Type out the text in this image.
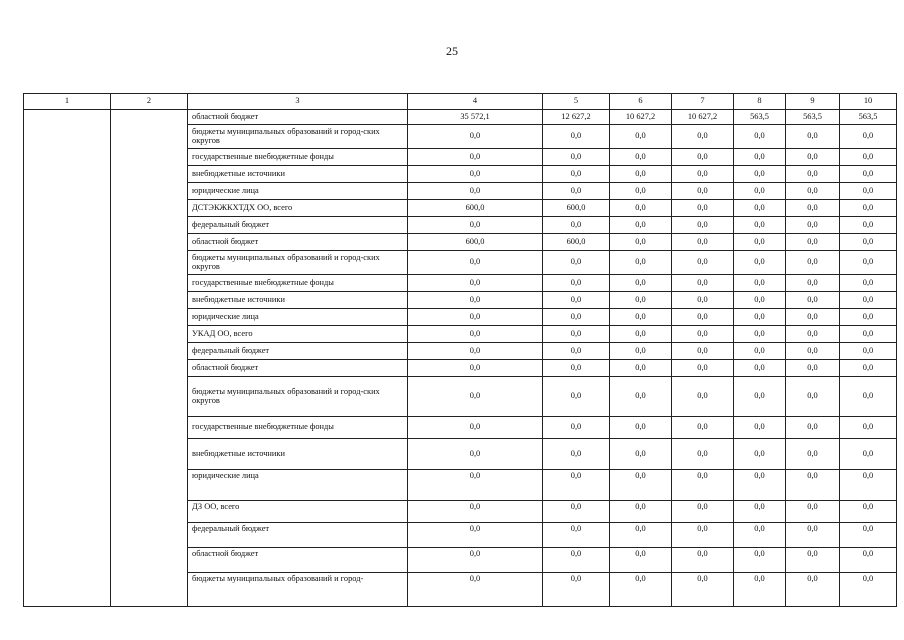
25
1	2	3	4	5	6	7	8	9	10
		областной бюджет	35 572,1	12 627,2	10 627,2	10 627,2	563,5	563,5	563,5
		бюджеты муниципальных образований и город-ских округов	0,0	0,0	0,0	0,0	0,0	0,0	0,0
		государственные внебюджетные фонды	0,0	0,0	0,0	0,0	0,0	0,0	0,0
		внебюджетные источники	0,0	0,0	0,0	0,0	0,0	0,0	0,0
		юридические лица	0,0	0,0	0,0	0,0	0,0	0,0	0,0
		ДСТЭКЖКХТДХ ОО, всего	600,0	600,0	0,0	0,0	0,0	0,0	0,0
		федеральный бюджет	0,0	0,0	0,0	0,0	0,0	0,0	0,0
		областной бюджет	600,0	600,0	0,0	0,0	0,0	0,0	0,0
		бюджеты муниципальных образований и город-ских округов	0,0	0,0	0,0	0,0	0,0	0,0	0,0
		государственные внебюджетные фонды	0,0	0,0	0,0	0,0	0,0	0,0	0,0
		внебюджетные источники	0,0	0,0	0,0	0,0	0,0	0,0	0,0
		юридические лица	0,0	0,0	0,0	0,0	0,0	0,0	0,0
		УКАД ОО, всего	0,0	0,0	0,0	0,0	0,0	0,0	0,0
		федеральный бюджет	0,0	0,0	0,0	0,0	0,0	0,0	0,0
		областной бюджет	0,0	0,0	0,0	0,0	0,0	0,0	0,0
		бюджеты муниципальных образований и город-ских округов	0,0	0,0	0,0	0,0	0,0	0,0	0,0
		государственные внебюджетные фонды	0,0	0,0	0,0	0,0	0,0	0,0	0,0
		внебюджетные источники	0,0	0,0	0,0	0,0	0,0	0,0	0,0
		юридические лица	0,0	0,0	0,0	0,0	0,0	0,0	0,0
		ДЗ ОО, всего	0,0	0,0	0,0	0,0	0,0	0,0	0,0
		федеральный бюджет	0,0	0,0	0,0	0,0	0,0	0,0	0,0
		областной бюджет	0,0	0,0	0,0	0,0	0,0	0,0	0,0
		бюджеты муниципальных образований и город-	0,0	0,0	0,0	0,0	0,0	0,0	0,0
